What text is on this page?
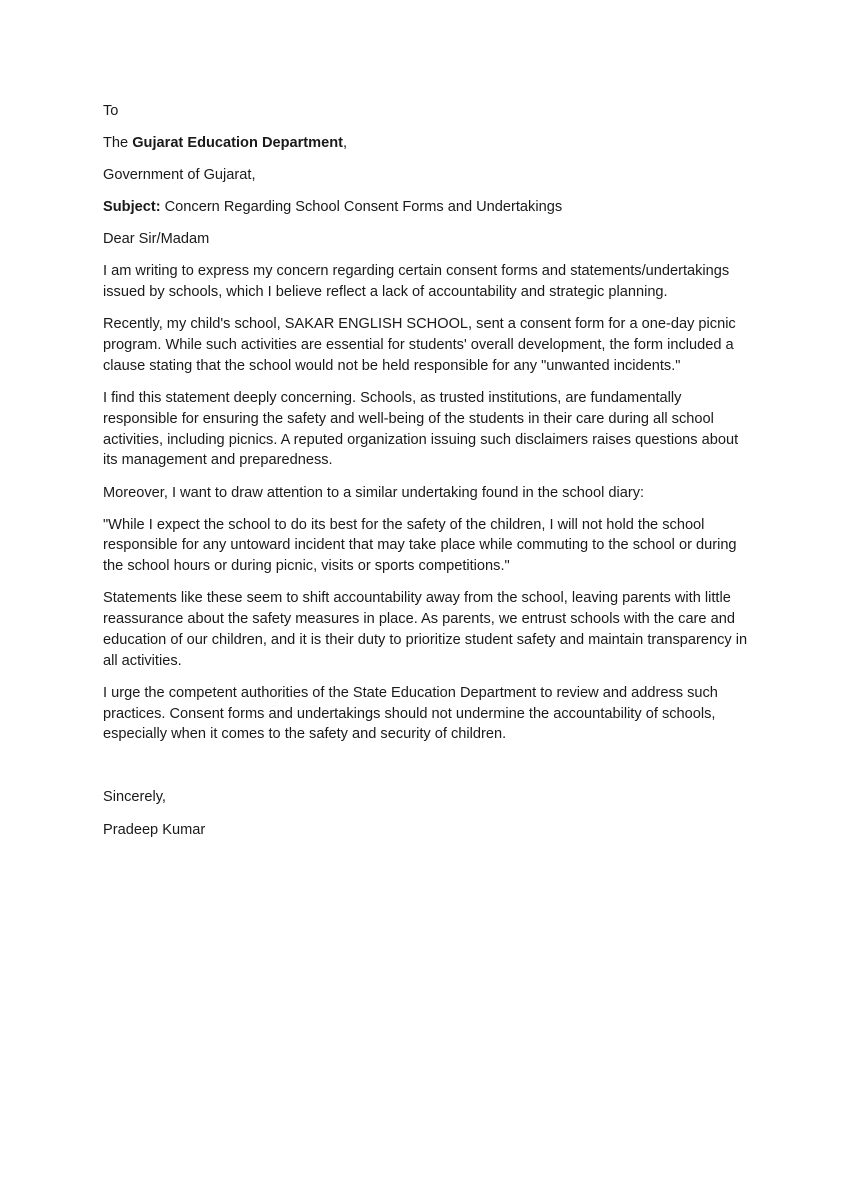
To

The Gujarat Education Department,

Government of Gujarat,

Subject: Concern Regarding School Consent Forms and Undertakings

Dear Sir/Madam

I am writing to express my concern regarding certain consent forms and statements/undertakings issued by schools, which I believe reflect a lack of accountability and strategic planning.

Recently, my child's school, SAKAR ENGLISH SCHOOL, sent a consent form for a one-day picnic program. While such activities are essential for students' overall development, the form included a clause stating that the school would not be held responsible for any "unwanted incidents."

I find this statement deeply concerning. Schools, as trusted institutions, are fundamentally responsible for ensuring the safety and well-being of the students in their care during all school activities, including picnics. A reputed organization issuing such disclaimers raises questions about its management and preparedness.

Moreover, I want to draw attention to a similar undertaking found in the school diary:

"While I expect the school to do its best for the safety of the children, I will not hold the school responsible for any untoward incident that may take place while commuting to the school or during the school hours or during picnic, visits or sports competitions."

Statements like these seem to shift accountability away from the school, leaving parents with little reassurance about the safety measures in place. As parents, we entrust schools with the care and education of our children, and it is their duty to prioritize student safety and maintain transparency in all activities.

I urge the competent authorities of the State Education Department to review and address such practices. Consent forms and undertakings should not undermine the accountability of schools, especially when it comes to the safety and security of children.

Sincerely,

Pradeep Kumar
